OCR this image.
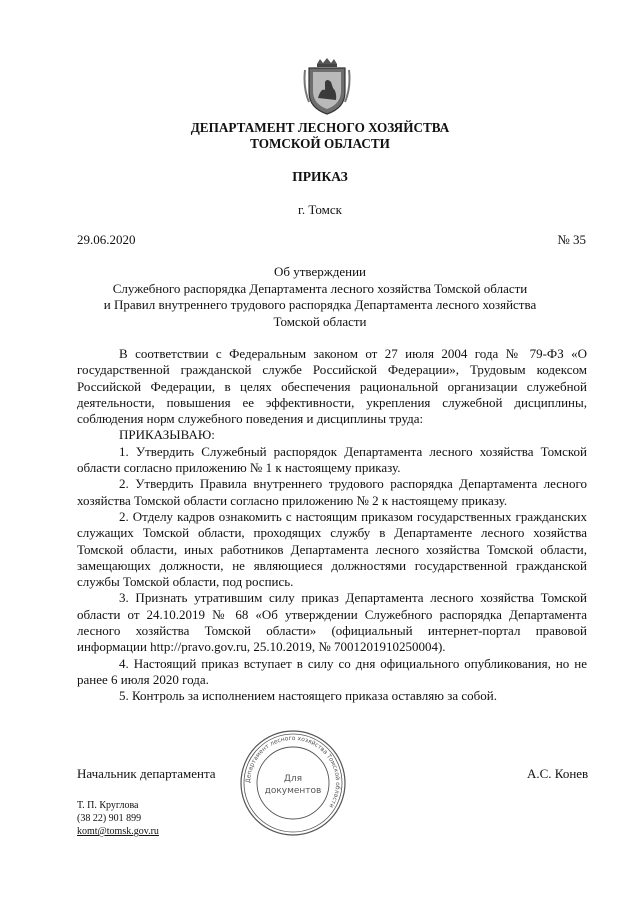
ДЕПАРТАМЕНТ ЛЕСНОГО ХОЗЯЙСТВА
ТОМСКОЙ ОБЛАСТИ
ПРИКАЗ
г. Томск
29.06.2020	№ 35
Об утверждении
Служебного распорядка Департамента лесного хозяйства Томской области
и Правил внутреннего трудового распорядка Департамента лесного хозяйства
Томской области

В соответствии с Федеральным законом от 27 июля 2004 года № 79-ФЗ «О государственной гражданской службе Российской Федерации», Трудовым кодексом Российской Федерации, в целях обеспечения рациональной организации служебной деятельности, повышения ее эффективности, укрепления служебной дисциплины, соблюдения норм служебного поведения и дисциплины труда:

ПРИКАЗЫВАЮ:

1. Утвердить Служебный распорядок Департамента лесного хозяйства Томской области согласно приложению № 1 к настоящему приказу.

2. Утвердить Правила внутреннего трудового распорядка Департамента лесного хозяйства Томской области согласно приложению № 2 к настоящему приказу.

2. Отделу кадров ознакомить с настоящим приказом государственных гражданских служащих Томской области, проходящих службу в Департаменте лесного хозяйства Томской области, иных работников Департамента лесного хозяйства Томской области, замещающих должности, не являющиеся должностями государственной гражданской службы Томской области, под роспись.

3. Признать утратившим силу приказ Департамента лесного хозяйства Томской области от 24.10.2019 № 68 «Об утверждении Служебного распорядка Департамента лесного хозяйства Томской области» (официальный интернет-портал правовой информации http://pravo.gov.ru, 25.10.2019, № 7001201910250004).

4. Настоящий приказ вступает в силу со дня официального опубликования, но не ранее 6 июля 2020 года.

5. Контроль за исполнением настоящего приказа оставляю за собой.

Начальник департамента	Департамент лесного хозяйства Томской области
Для
документов
А.С. Конев
Т. П. Круглова
(38 22) 901 899
komt@tomsk.gov.ru
